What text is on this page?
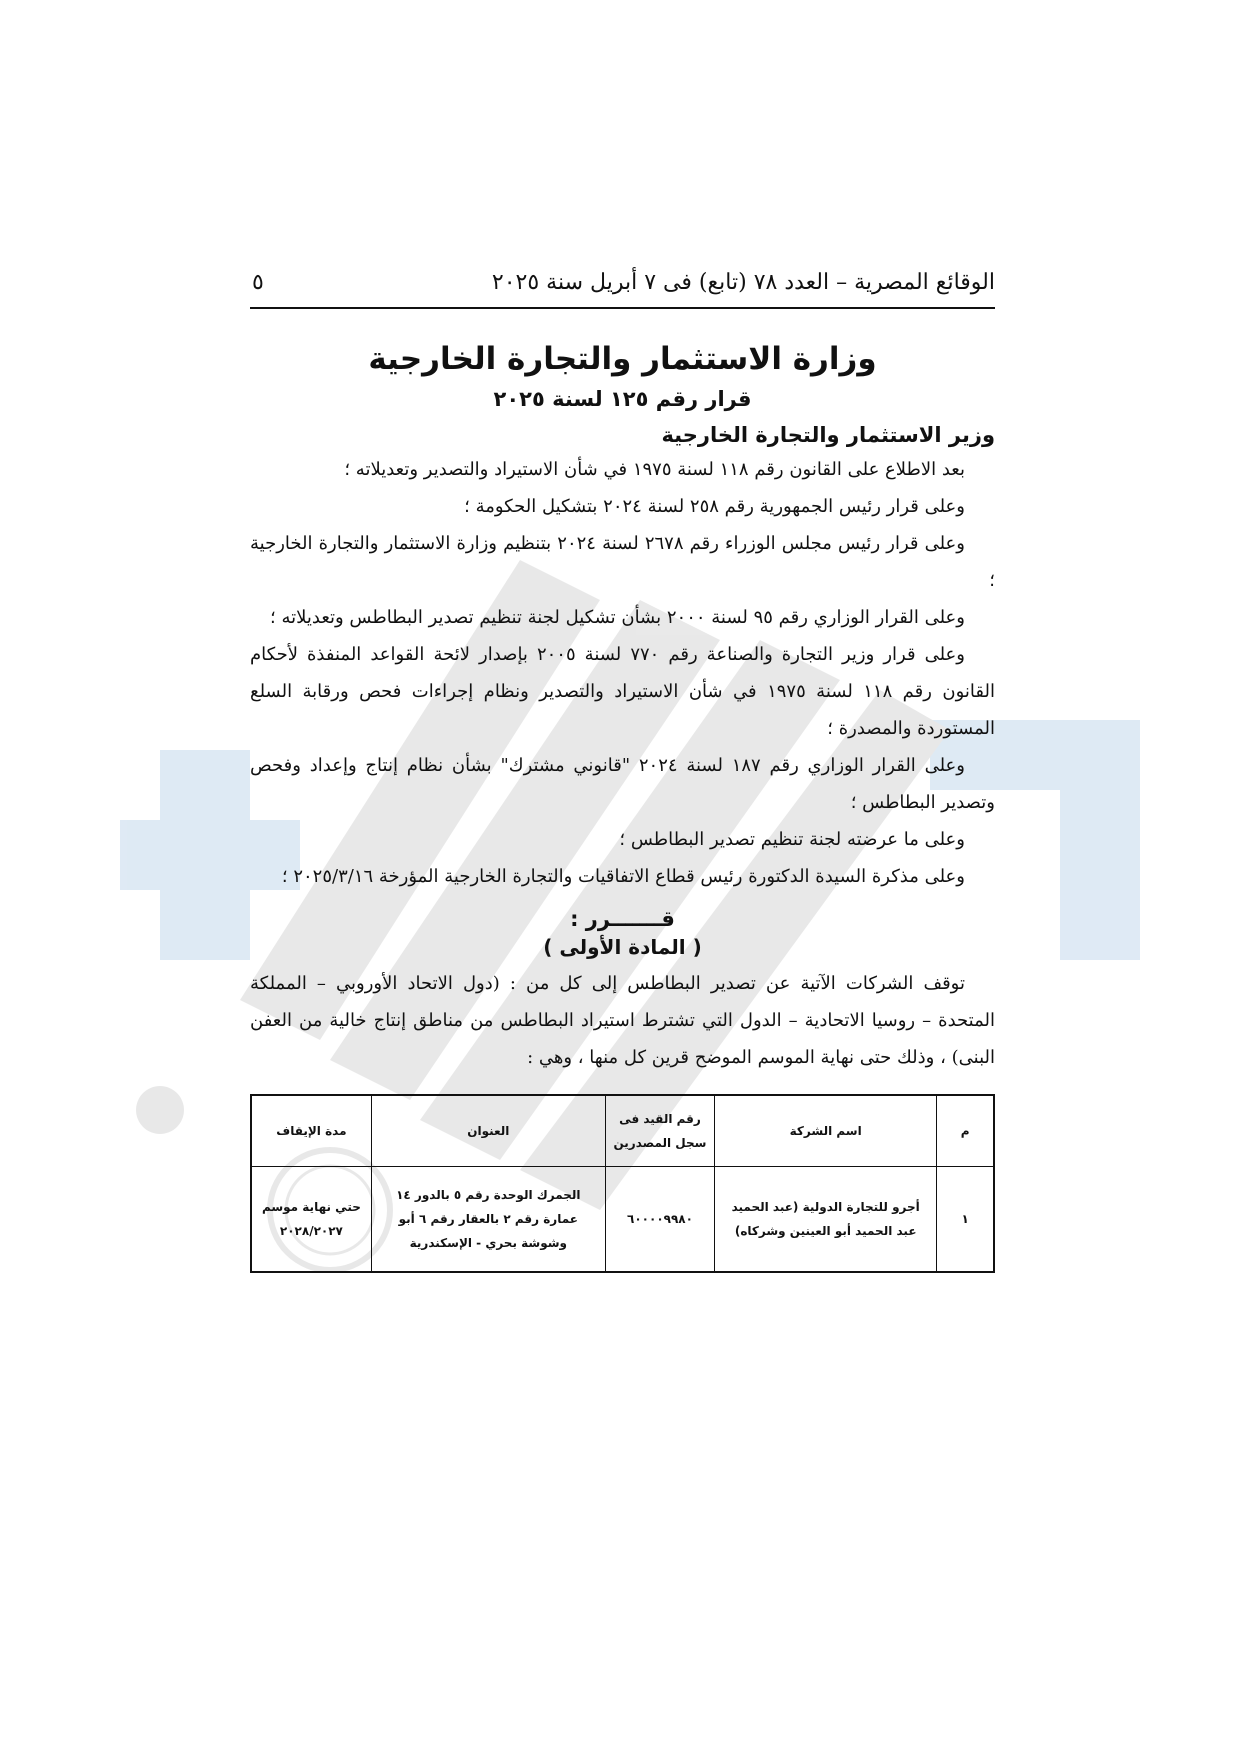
الوقائع المصرية – العدد ٧٨ (تابع) فى ٧ أبريل سنة ٢٠٢٥
٥
وزارة الاستثمار والتجارة الخارجية
قرار رقم ١٢٥ لسنة ٢٠٢٥
وزير الاستثمار والتجارة الخارجية

بعد الاطلاع على القانون رقم ١١٨ لسنة ١٩٧٥ في شأن الاستيراد والتصدير وتعديلاته ؛

وعلى قرار رئيس الجمهورية رقم ٢٥٨ لسنة ٢٠٢٤ بتشكيل الحكومة ؛

وعلى قرار رئيس مجلس الوزراء رقم ٢٦٧٨ لسنة ٢٠٢٤ بتنظيم وزارة الاستثمار والتجارة الخارجية ؛

وعلى القرار الوزاري رقم ٩٥ لسنة ٢٠٠٠ بشأن تشكيل لجنة تنظيم تصدير البطاطس وتعديلاته ؛

وعلى قرار وزير التجارة والصناعة رقم ٧٧٠ لسنة ٢٠٠٥ بإصدار لائحة القواعد المنفذة لأحكام القانون رقم ١١٨ لسنة ١٩٧٥ في شأن الاستيراد والتصدير ونظام إجراءات فحص ورقابة السلع المستوردة والمصدرة ؛

وعلى القرار الوزاري رقم ١٨٧ لسنة ٢٠٢٤ "قانوني مشترك" بشأن نظام إنتاج وإعداد وفحص وتصدير البطاطس ؛

وعلى ما عرضته لجنة تنظيم تصدير البطاطس ؛

وعلى مذكرة السيدة الدكتورة رئيس قطاع الاتفاقيات والتجارة الخارجية المؤرخة ٢٠٢٥/٣/١٦ ؛

قـــــــرر :
( المادة الأولى )

توقف الشركات الآتية عن تصدير البطاطس إلى كل من : (دول الاتحاد الأوروبي – المملكة المتحدة – روسيا الاتحادية – الدول التي تشترط استيراد البطاطس من مناطق إنتاج خالية من العفن البنى) ، وذلك حتى نهاية الموسم الموضح قرين كل منها ، وهي :

م	اسم الشركة	رقم القيد فى سجل المصدرين	العنوان	مدة الإيقاف
١	أجرو للتجارة الدولية (عبد الحميد عبد الحميد أبو العينين وشركاه)	٦٠٠٠٠٩٩٨٠	الجمرك الوحدة رقم ٥ بالدور ١٤ عمارة رقم ٢ بالعقار رقم ٦ أبو وشوشة بحري - الإسكندرية	حتي نهاية موسم ٢٠٢٨/٢٠٢٧
